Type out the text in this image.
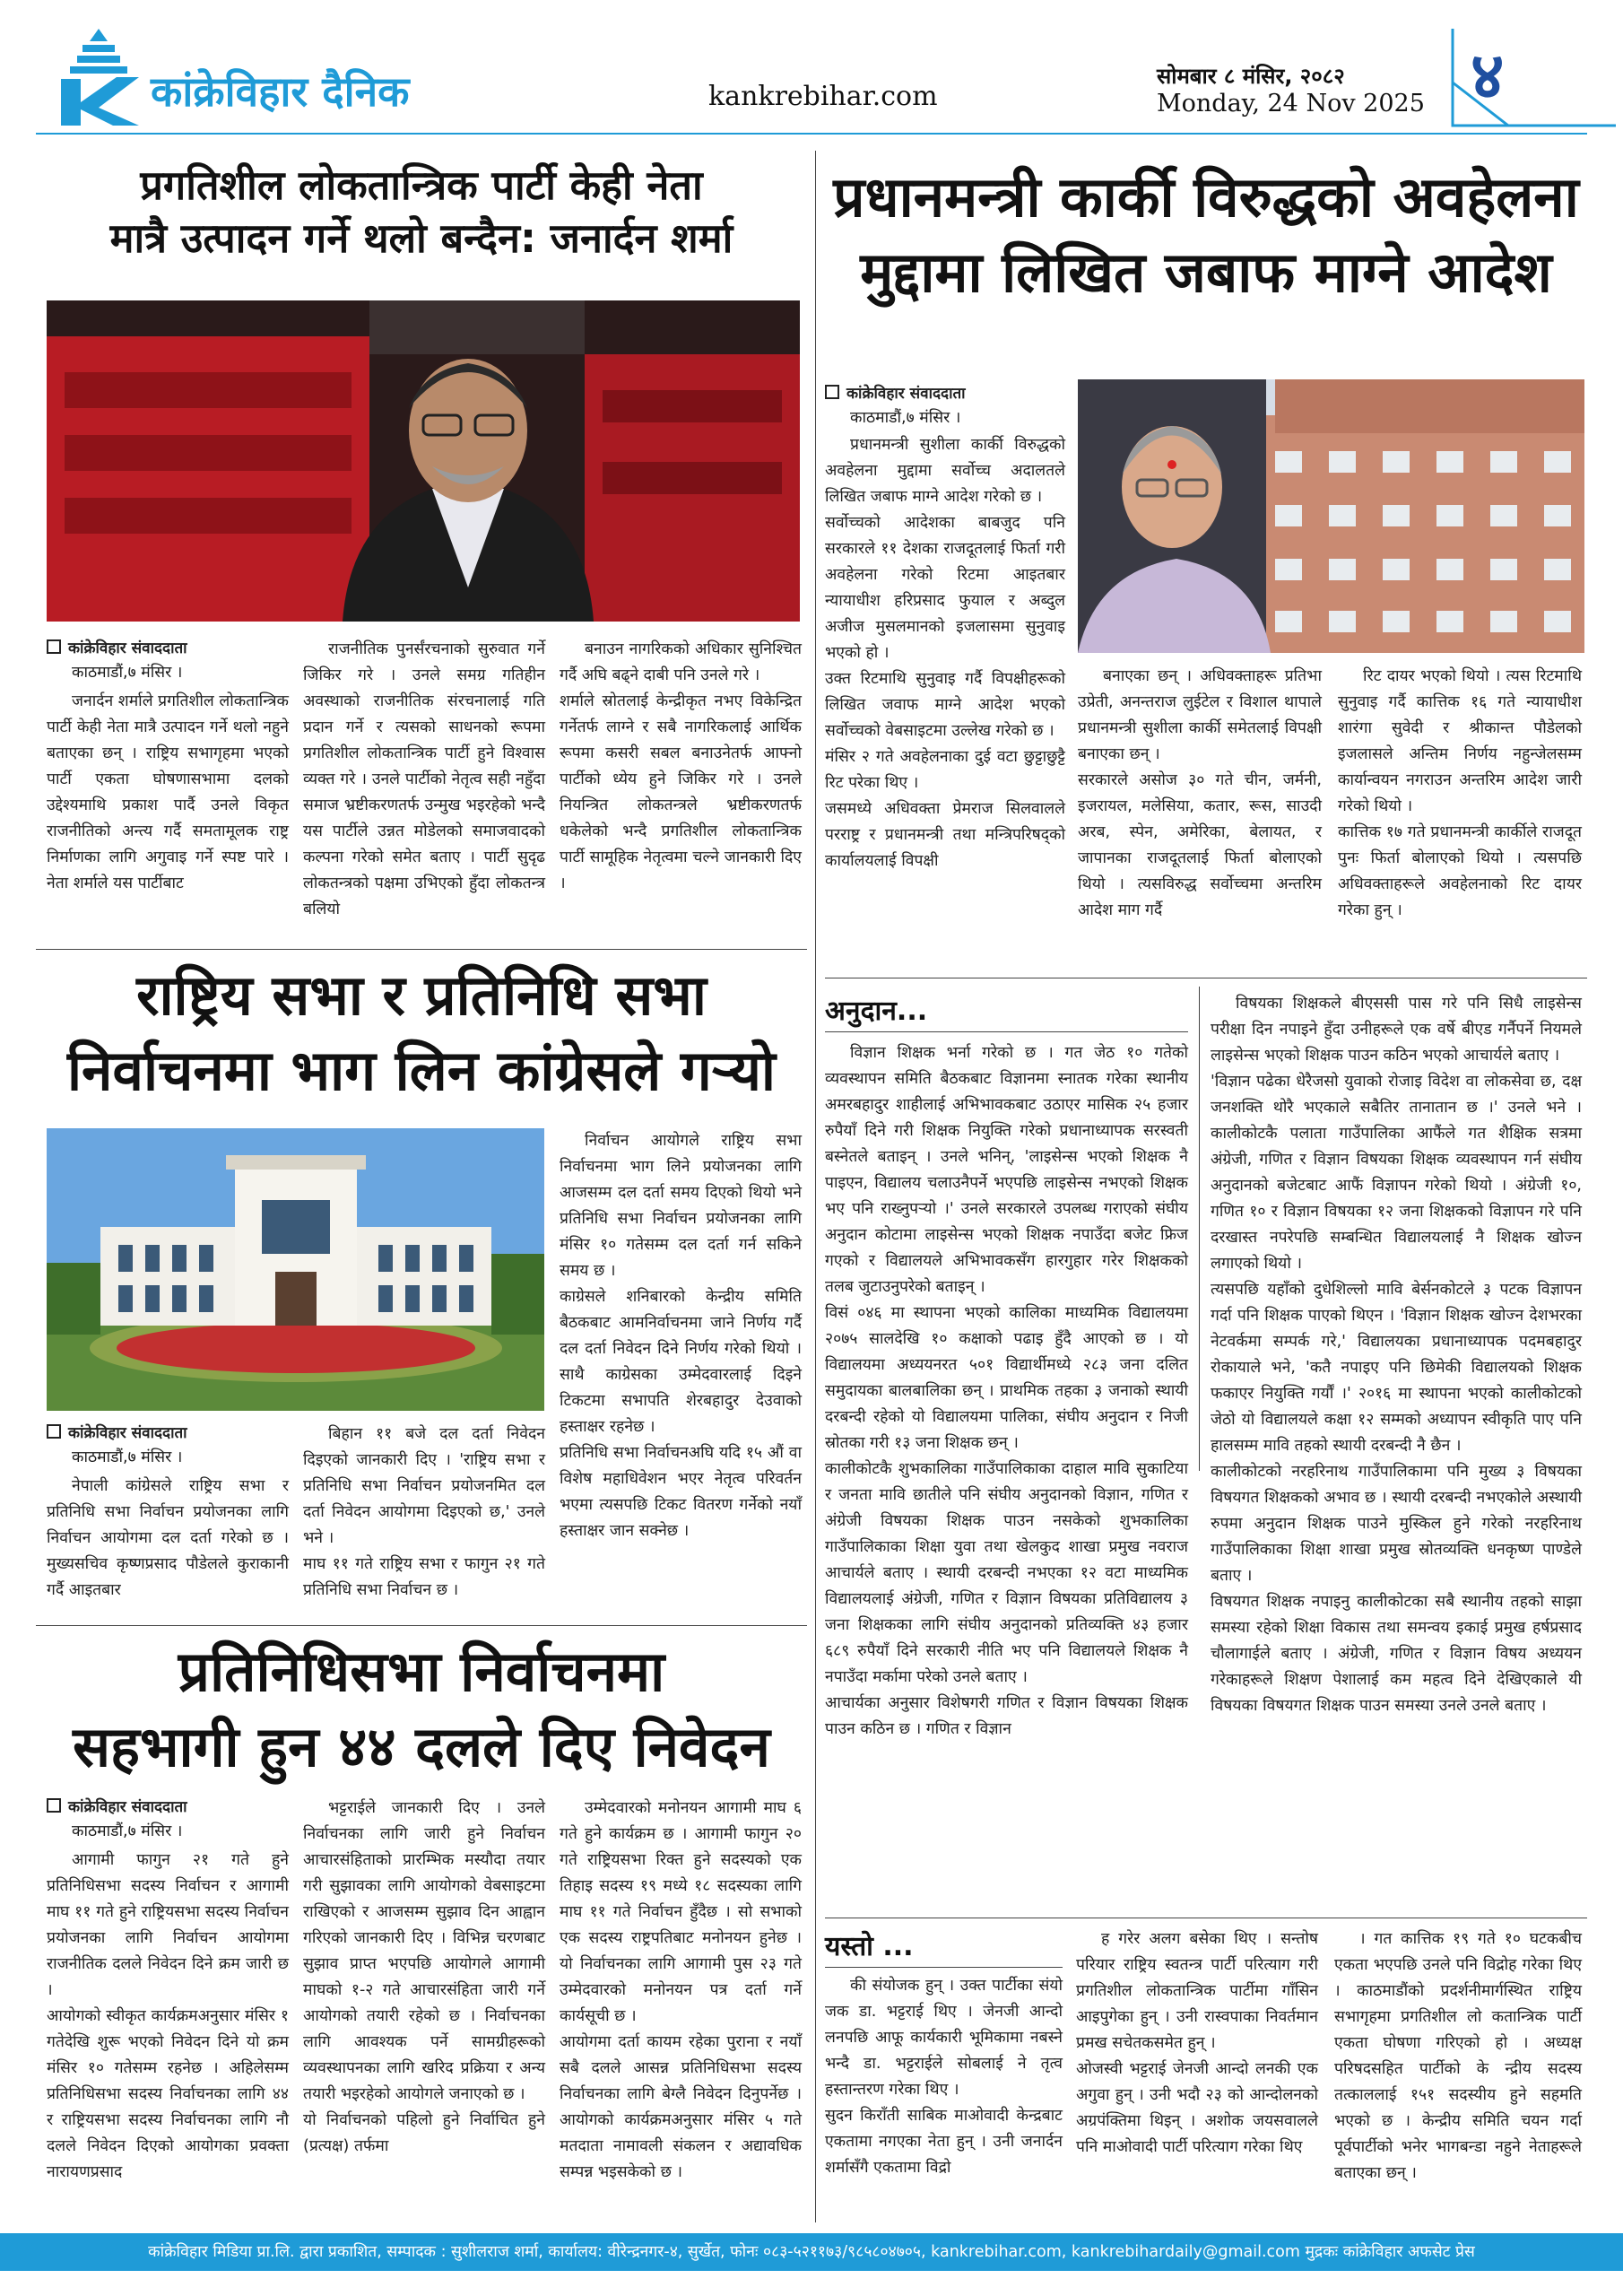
कांक्रेविहार दैनिक	kankrebihar.com
सोमबार ८ मंसिर, २०८२
Monday, 24 Nov 2025 ४
प्रगतिशील लोकतान्त्रिक पार्टी केही नेता
मात्रै उत्पादन गर्ने थलो बन्दैन: जनार्दन शर्मा
कांक्रेविहार संवाददाता
काठमाडौं,७ मंसिर ।
जनार्दन शर्माले प्रगतिशील लोकतान्त्रिक पार्टी केही नेता मात्रै उत्पादन गर्ने थलो नहुने बताएका छन् । राष्ट्रिय सभागृहमा भएको पार्टी एकता घोषणासभामा दलको उद्देश्यमाथि प्रकाश पार्दै उनले विकृत राजनीतिको अन्त्य गर्दै समतामूलक राष्ट्र निर्माणका लागि अगुवाइ गर्ने स्पष्ट पारे । नेता शर्माले यस पार्टीबाट
राजनीतिक पुनर्संरचनाको सुरुवात गर्ने जिकिर गरे । उनले समग्र गतिहीन अवस्थाको राजनीतिक संरचनालाई गति प्रदान गर्ने र त्यसको साधनको रूपमा प्रगतिशील लोकतान्त्रिक पार्टी हुने विश्वास व्यक्त गरे । उनले पार्टीको नेतृत्व सही नहुँदा समाज भ्रष्टीकरणतर्फ उन्मुख भइरहेको भन्दै यस पार्टीले उन्नत मोडेलको समाजवादको कल्पना गरेको समेत बताए । पार्टी सुदृढ लोकतन्त्रको पक्षमा उभिएको हुँदा लोकतन्त्र बलियो
बनाउन नागरिकको अधिकार सुनिश्चित गर्दै अघि बढ्ने दाबी पनि उनले गरे ।
शर्माले स्रोतलाई केन्द्रीकृत नभए विकेन्द्रित गर्नेतर्फ लाग्ने र सबै नागरिकलाई आर्थिक रूपमा कसरी सबल बनाउनेतर्फ आफ्नो पार्टीको ध्येय हुने जिकिर गरे । उनले नियन्त्रित लोकतन्त्रले भ्रष्टीकरणतर्फ धकेलेको भन्दै प्रगतिशील लोकतान्त्रिक पार्टी सामूहिक नेतृत्वमा चल्ने जानकारी दिए ।
प्रधानमन्त्री कार्की विरुद्धको अवहेलना
मुद्दामा लिखित जबाफ माग्ने आदेश
कांक्रेविहार संवाददाता
काठमाडौं,७ मंसिर ।
प्रधानमन्त्री सुशीला कार्की विरुद्धको अवहेलना मुद्दामा सर्वोच्च अदालतले लिखित जबाफ माग्ने आदेश गरेको छ ।
सर्वोच्चको आदेशका बाबजुद पनि सरकारले ११ देशका राजदूतलाई फिर्ता गरी अवहेलना गरेको रिटमा आइतबार न्यायाधीश हरिप्रसाद फुयाल र अब्दुल अजीज मुसलमानको इजलासमा सुनुवाइ भएको हो ।
उक्त रिटमाथि सुनुवाइ गर्दै विपक्षीहरूको लिखित जवाफ माग्ने आदेश भएको सर्वोच्चको वेबसाइटमा उल्लेख गरेको छ ।
मंसिर २ गते अवहेलनाका दुई वटा छुट्टाछुट्टै रिट परेका थिए ।
जसमध्ये अधिवक्ता प्रेमराज सिलवालले परराष्ट्र र प्रधानमन्त्री तथा मन्त्रिपरिषद्को कार्यालयलाई विपक्षी
बनाएका छन् । अधिवक्ताहरू प्रतिभा उप्रेती, अनन्तराज लुईटेल र विशाल थापाले प्रधानमन्त्री सुशीला कार्की समेतलाई विपक्षी बनाएका छन् ।
सरकारले असोज ३० गते चीन, जर्मनी, इजरायल, मलेसिया, कतार, रूस, साउदी अरब, स्पेन, अमेरिका, बेलायत, र जापानका राजदूतलाई फिर्ता बोलाएको थियो । त्यसविरुद्ध सर्वोच्चमा अन्तरिम आदेश माग गर्दै
रिट दायर भएको थियो । त्यस रिटमाथि सुनुवाइ गर्दै कात्तिक १६ गते न्यायाधीश शारंगा सुवेदी र श्रीकान्त पौडेलको इजलासले अन्तिम निर्णय नहुन्जेलसम्म कार्यान्वयन नगराउन अन्तरिम आदेश जारी गरेको थियो ।
कात्तिक १७ गते प्रधानमन्त्री कार्कीले राजदूत पुनः फिर्ता बोलाएको थियो । त्यसपछि अधिवक्ताहरूले अवहेलनाको रिट दायर गरेका हुन् ।
राष्ट्रिय सभा र प्रतिनिधि सभा
निर्वाचनमा भाग लिन कांग्रेसले गर्‍यो
कांक्रेविहार संवाददाता
काठमाडौं,७ मंसिर ।
नेपाली कांग्रेसले राष्ट्रिय सभा र प्रतिनिधि सभा निर्वाचन प्रयोजनका लागि निर्वाचन आयोगमा दल दर्ता गरेको छ । मुख्यसचिव कृष्णप्रसाद पौडेलले कुराकानी गर्दै आइतबार
बिहान ११ बजे दल दर्ता निवेदन दिइएको जानकारी दिए । 'राष्ट्रिय सभा र प्रतिनिधि सभा निर्वाचन प्रयोजनमित दल दर्ता निवेदन आयोगमा दिइएको छ,' उनले भने ।
माघ ११ गते राष्ट्रिय सभा र फागुन २१ गते प्रतिनिधि सभा निर्वाचन छ ।
निर्वाचन आयोगले राष्ट्रिय सभा निर्वाचनमा भाग लिने प्रयोजनका लागि आजसम्म दल दर्ता समय दिएको थियो भने प्रतिनिधि सभा निर्वाचन प्रयोजनका लागि मंसिर १० गतेसम्म दल दर्ता गर्न सकिने समय छ ।
काग्रेसले शनिबारको केन्द्रीय समिति बैठकबाट आमनिर्वाचनमा जाने निर्णय गर्दै दल दर्ता निवेदन दिने निर्णय गरेको थियो । साथै काग्रेसका उम्मेदवारलाई दिइने टिकटमा सभापति शेरबहादुर देउवाको हस्ताक्षर रहनेछ ।
प्रतिनिधि सभा निर्वाचनअघि यदि १५ औं वा विशेष महाधिवेशन भएर नेतृत्व परिवर्तन भएमा त्यसपछि टिकट वितरण गर्नेको नयाँ हस्ताक्षर जान सक्नेछ ।
प्रतिनिधिसभा निर्वाचनमा
सहभागी हुन ४४ दलले दिए निवेदन
कांक्रेविहार संवाददाता
काठमाडौं,७ मंसिर ।
आगामी फागुन २१ गते हुने प्रतिनिधिसभा सदस्य निर्वाचन र आगामी माघ ११ गते हुने राष्ट्रियसभा सदस्य निर्वाचन प्रयोजनका लागि निर्वाचन आयोगमा राजनीतिक दलले निवेदन दिने क्रम जारी छ ।
आयोगको स्वीकृत कार्यक्रमअनुसार मंसिर १ गतेदेखि शुरू भएको निवेदन दिने यो क्रम मंसिर १० गतेसम्म रहनेछ । अहिलेसम्म प्रतिनिधिसभा सदस्य निर्वाचनका लागि ४४ र राष्ट्रियसभा सदस्य निर्वाचनका लागि नौ दलले निवेदन दिएको आयोगका प्रवक्ता नारायणप्रसाद
भट्टराईले जानकारी दिए । उनले निर्वाचनका लागि जारी हुने निर्वाचन आचारसंहिताको प्रारम्भिक मस्यौदा तयार गरी सुझावका लागि आयोगको वेबसाइटमा राखिएको र आजसम्म सुझाव दिन आह्वान गरिएको जानकारी दिए । विभिन्न चरणबाट सुझाव प्राप्त भएपछि आयोगले आगामी माघको १-२ गते आचारसंहिता जारी गर्ने आयोगको तयारी रहेको छ । निर्वाचनका लागि आवश्यक पर्ने सामग्रीहरूको व्यवस्थापनका लागि खरिद प्रक्रिया र अन्य तयारी भइरहेको आयोगले जनाएको छ ।
यो निर्वाचनको पहिलो हुने निर्वाचित हुने (प्रत्यक्ष) तर्फमा
उम्मेदवारको मनोनयन आगामी माघ ६ गते हुने कार्यक्रम छ । आगामी फागुन २० गते राष्ट्रियसभा रिक्त हुने सदस्यको एक तिहाइ सदस्य १९ मध्ये १८ सदस्यका लागि माघ ११ गते निर्वाचन हुँदैछ । सो सभाको एक सदस्य राष्ट्रपतिबाट मनोनयन हुनेछ । यो निर्वाचनका लागि आगामी पुस २३ गते उम्मेदवारको मनोनयन पत्र दर्ता गर्ने कार्यसूची छ ।
आयोगमा दर्ता कायम रहेका पुराना र नयाँ सबै दलले आसन्न प्रतिनिधिसभा सदस्य निर्वाचनका लागि बेग्लै निवेदन दिनुपर्नेछ । आयोगको कार्यक्रमअनुसार मंसिर ५ गते मतदाता नामावली संकलन र अद्यावधिक सम्पन्न भइसकेको छ ।
अनुदान...
विज्ञान शिक्षक भर्ना गरेको छ । गत जेठ १० गतेको व्यवस्थापन समिति बैठकबाट विज्ञानमा स्नातक गरेका स्थानीय अमरबहादुर शाहीलाई अभिभावकबाट उठाएर मासिक २५ हजार रुपैयाँ दिने गरी शिक्षक नियुक्ति गरेको प्रधानाध्यापक सरस्वती बस्नेतले बताइन् । उनले भनिन्, 'लाइसेन्स भएको शिक्षक नै पाइएन, विद्यालय चलाउनैपर्ने भएपछि लाइसेन्स नभएको शिक्षक भए पनि राख्नुपर्‍यो ।' उनले सरकारले उपलब्ध गराएको संघीय अनुदान कोटामा लाइसेन्स भएको शिक्षक नपाउँदा बजेट फ्रिज गएको र विद्यालयले अभिभावकसँग हारगुहार गरेर शिक्षकको तलब जुटाउनुपरेको बताइन् ।
विसं ०४६ मा स्थापना भएको कालिका माध्यमिक विद्यालयमा २०७५ सालदेखि १० कक्षाको पढाइ हुँदै आएको छ । यो विद्यालयमा अध्ययनरत ५०१ विद्यार्थीमध्ये २८३ जना दलित समुदायका बालबालिका छन् । प्राथमिक तहका ३ जनाको स्थायी दरबन्दी रहेको यो विद्यालयमा पालिका, संघीय अनुदान र निजी स्रोतका गरी १३ जना शिक्षक छन् ।
कालीकोटकै शुभकालिका गाउँपालिकाका दाहाल मावि सुकाटिया र जनता मावि छातीले पनि संघीय अनुदानको विज्ञान, गणित र अंग्रेजी विषयका शिक्षक पाउन नसकेको शुभकालिका गाउँपालिकाका शिक्षा युवा तथा खेलकुद शाखा प्रमुख नवराज आचार्यले बताए । स्थायी दरबन्दी नभएका १२ वटा माध्यमिक विद्यालयलाई अंग्रेजी, गणित र विज्ञान विषयका प्रतिविद्यालय ३ जना शिक्षकका लागि संघीय अनुदानको प्रतिव्यक्ति ४३ हजार ६८९ रुपैयाँ दिने सरकारी नीति भए पनि विद्यालयले शिक्षक नै नपाउँदा मर्कामा परेको उनले बताए ।
आचार्यका अनुसार विशेषगरी गणित र विज्ञान विषयका शिक्षक पाउन कठिन छ । गणित र विज्ञान
विषयका शिक्षकले बीएससी पास गरे पनि सिधै लाइसेन्स परीक्षा दिन नपाइने हुँदा उनीहरूले एक वर्षे बीएड गर्नैपर्ने नियमले लाइसेन्स भएको शिक्षक पाउन कठिन भएको आचार्यले बताए ।
'विज्ञान पढेका धेरैजसो युवाको रोजाइ विदेश वा लोकसेवा छ, दक्ष जनशक्ति थोरै भएकाले सबैतिर तानातान छ ।' उनले भने । कालीकोटकै पलाता गाउँपालिका आफैंले गत शैक्षिक सत्रमा अंग्रेजी, गणित र विज्ञान विषयका शिक्षक व्यवस्थापन गर्न संघीय अनुदानको बजेटबाट आफैं विज्ञापन गरेको थियो । अंग्रेजी १०, गणित १० र विज्ञान विषयका १२ जना शिक्षकको विज्ञापन गरे पनि दरखास्त नपरेपछि सम्बन्धित विद्यालयलाई नै शिक्षक खोज्न लगाएको थियो ।
त्यसपछि यहाँको दुधेशिल्लो मावि बेर्सनकोटले ३ पटक विज्ञापन गर्दा पनि शिक्षक पाएको थिएन । 'विज्ञान शिक्षक खोज्न देशभरका नेटवर्कमा सम्पर्क गरे,' विद्यालयका प्रधानाध्यापक पदमबहादुर रोकायाले भने, 'कतै नपाइए पनि छिमेकी विद्यालयको शिक्षक फकाएर नियुक्ति गर्यौं ।' २०१६ मा स्थापना भएको कालीकोटको जेठो यो विद्यालयले कक्षा १२ सम्मको अध्यापन स्वीकृति पाए पनि हालसम्म मावि तहको स्थायी दरबन्दी नै छैन ।
कालीकोटको नरहरिनाथ गाउँपालिकामा पनि मुख्य ३ विषयका विषयगत शिक्षकको अभाव छ । स्थायी दरबन्दी नभएकोले अस्थायी रुपमा अनुदान शिक्षक पाउने मुस्किल हुने गरेको नरहरिनाथ गाउँपालिकाका शिक्षा शाखा प्रमुख स्रोतव्यक्ति धनकृष्ण पाण्डेले बताए ।
विषयगत शिक्षक नपाइनु कालीकोटका सबै स्थानीय तहको साझा समस्या रहेको शिक्षा विकास तथा समन्वय इकाई प्रमुख हर्षप्रसाद चौलागाईले बताए । अंग्रेजी, गणित र विज्ञान विषय अध्ययन गरेकाहरूले शिक्षण पेशालाई कम महत्व दिने देखिएकाले यी विषयका विषयगत शिक्षक पाउन समस्या उनले उनले बताए ।
यस्तो ...
की संयोजक हुन् । उक्त पार्टीका संयो जक डा. भट्टराई थिए । जेनजी आन्दो लनपछि आफू कार्यकारी भूमिकामा नबस्ने भन्दै डा. भट्टराईले सोबलाई ने तृत्व हस्तान्तरण गरेका थिए ।
सुदन किराँती साबिक माओवादी केन्द्रबाट एकतामा नगएका नेता हुन् । उनी जनार्दन शर्मासँगै एकतामा विद्रो
ह गरेर अलग बसेका थिए । सन्तोष परियार राष्ट्रिय स्वतन्त्र पार्टी परित्याग गरी प्रगतिशील लोकतान्त्रिक पार्टीमा गाँसिन आइपुगेका हुन् । उनी रास्वपाका निवर्तमान प्रमख सचेतकसमेत हुन् ।
ओजस्वी भट्टराई जेनजी आन्दो लनकी एक अगुवा हुन् । उनी भदौ २३ को आन्दोलनको अग्रपंक्तिमा थिइन् । अशोक जयसवालले पनि माओवादी पार्टी परित्याग गरेका थिए
। गत कात्तिक १९ गते १० घटकबीच एकता भएपछि उनले पनि विद्रोह गरेका थिए । काठमाडौंको प्रदर्शनीमार्गस्थित राष्ट्रिय सभागृहमा प्रगतिशील लो कतान्त्रिक पार्टी एकता घोषणा गरिएको हो । अध्यक्ष परिषदसहित पार्टीको के न्द्रीय सदस्य तत्काललाई १५१ सदस्यीय हुने सहमति भएको छ । केन्द्रीय समिति चयन गर्दा पूर्वपार्टीको भनेर भागबन्डा नहुने नेताहरूले बताएका छन् ।
कांक्रेविहार मिडिया प्रा.लि. द्वारा प्रकाशित, सम्पादक : सुशीलराज शर्मा, कार्यालय: वीरेन्द्रनगर-४, सुर्खेत, फोनः ०८३-५२११७३/९८५८०४७०५, kankrebihar.com, kankrebihardaily@gmail.com मुद्रकः कांक्रेविहार अफसेट प्रेस
